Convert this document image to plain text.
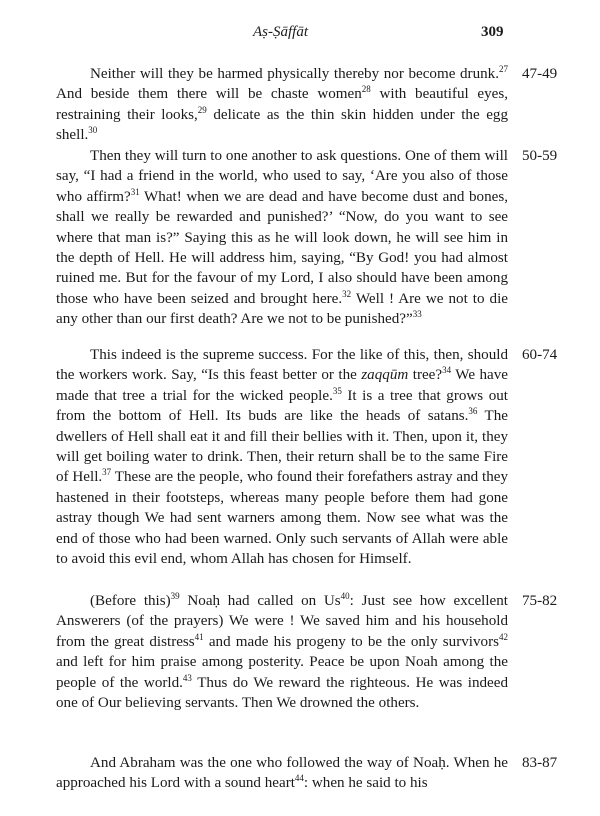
Aṣ-Ṣāffāt	309

Neither will they be harmed physically thereby nor become drunk.$^{27}$ And beside them there will be chaste women$^{28}$ with beautiful eyes, restraining their looks,$^{29}$ delicate as the thin skin hidden under the egg shell.$^{30}$

47-49

Then they will turn to one another to ask questions. One of them will say, “I had a friend in the world, who used to say, ‘Are you also of those who affirm?$^{31}$ What! when we are dead and have become dust and bones, shall we really be rewarded and punished?’ “Now, do you want to see where that man is?” Saying this as he will look down, he will see him in the depth of Hell. He will address him, saying, “By God! you had almost ruined me. But for the favour of my Lord, I also should have been among those who have been seized and brought here.$^{32}$ Well ! Are we not to die any other than our first death? Are we not to be punished?”$^{33}$

50-59

This indeed is the supreme success. For the like of this, then, should the workers work. Say, “Is this feast better or the zaqqūm tree?$^{34}$ We have made that tree a trial for the wicked people.$^{35}$ It is a tree that grows out from the bottom of Hell. Its buds are like the heads of satans.$^{36}$ The dwellers of Hell shall eat it and fill their bellies with it. Then, upon it, they will get boiling water to drink. Then, their return shall be to the same Fire of Hell.$^{37}$ These are the people, who found their forefathers astray and they hastened in their footsteps, whereas many people before them had gone astray though We had sent warners among them. Now see what was the end of those who had been warned. Only such servants of Allah were able to avoid this evil end, whom Allah has chosen for Himself.

60-74

(Before this)$^{39}$ Noaḥ had called on Us$^{40}$: Just see how excellent Answerers (of the prayers) We were ! We saved him and his household from the great distress$^{41}$ and made his progeny to be the only survivors$^{42}$ and left for him praise among posterity. Peace be upon Noah among the people of the world.$^{43}$ Thus do We reward the righteous. He was indeed one of Our believing servants. Then We drowned the others.

75-82

And Abraham was the one who followed the way of Noaḥ. When he approached his Lord with a sound heart$^{44}$: when he said to his

83-87
